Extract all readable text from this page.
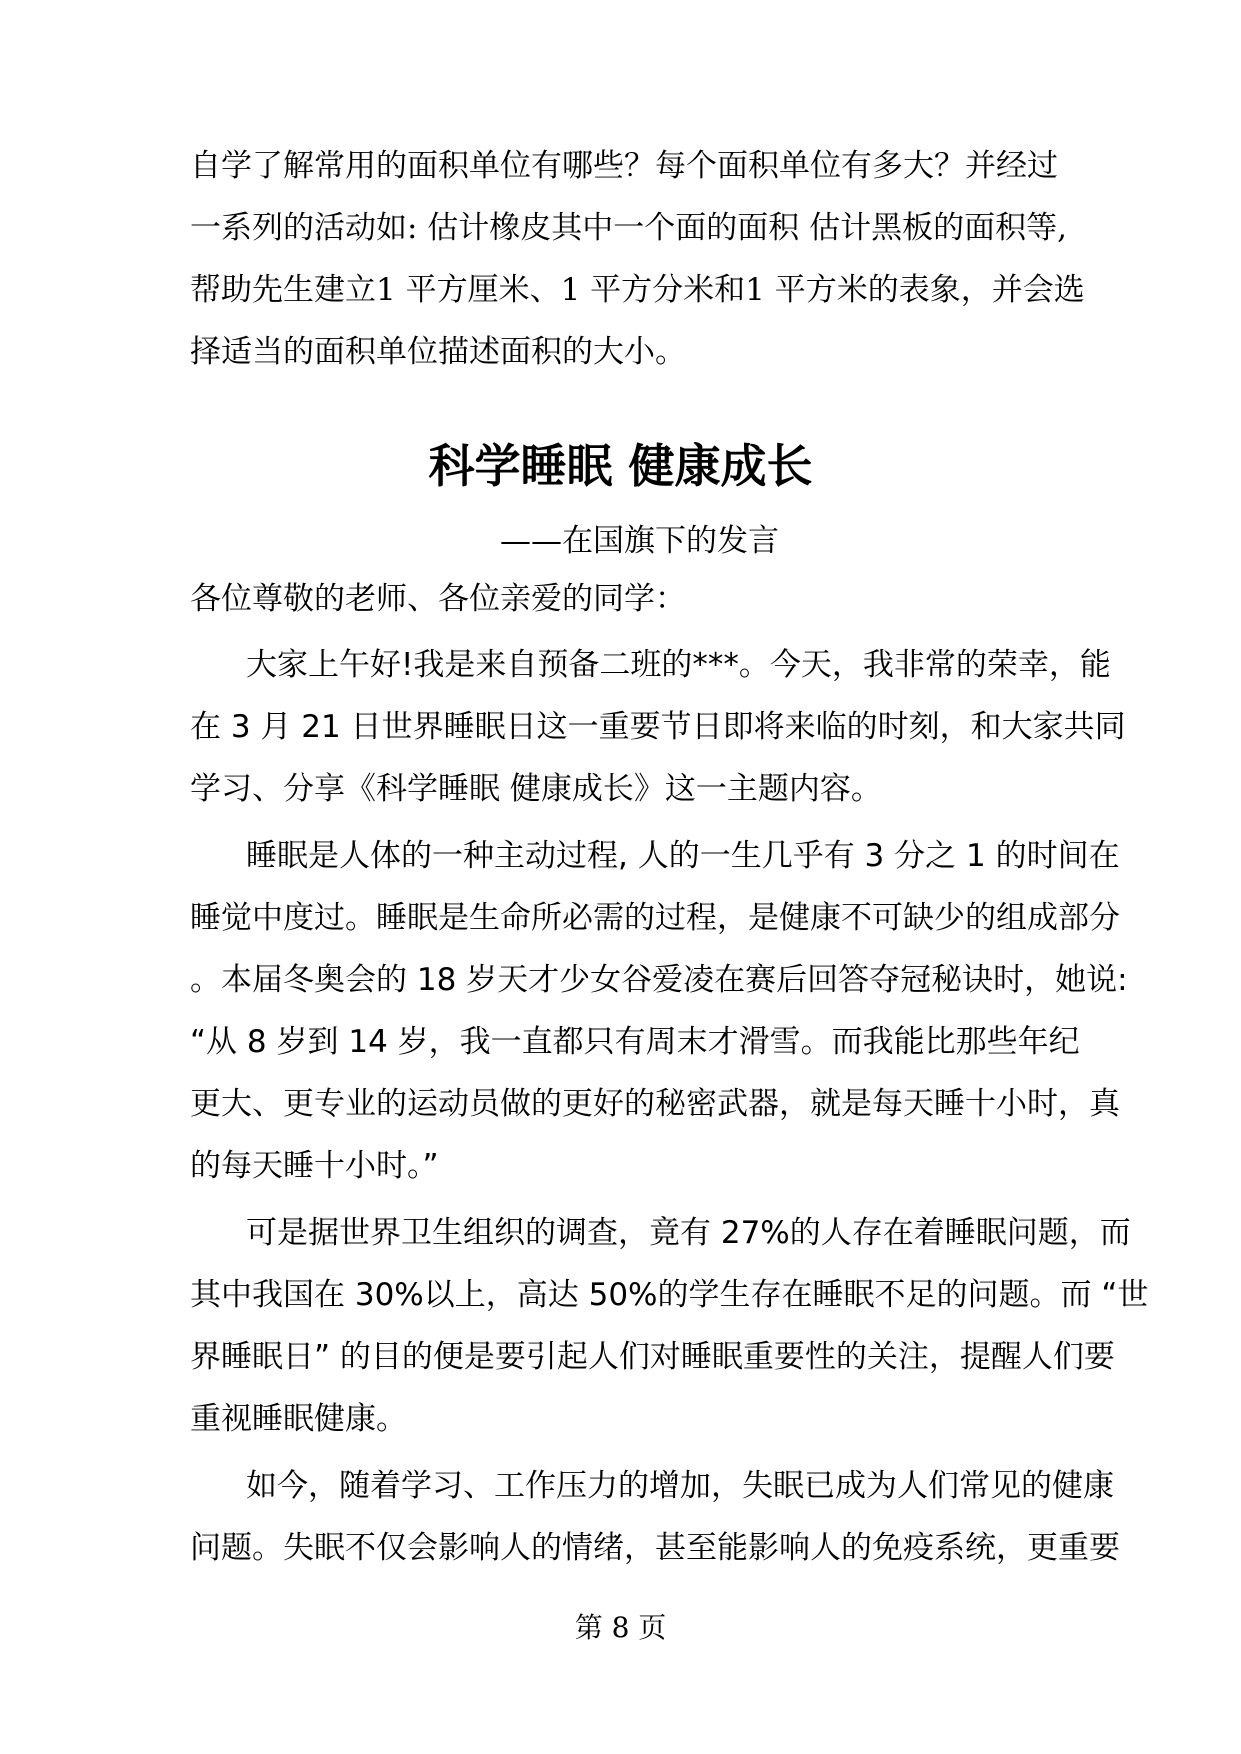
自学了解常用的面积单位有哪些？每个面积单位有多大？并经过
一系列的活动如: 估计橡皮其中一个面的面积 估计黑板的面积等,
帮助先生建立1 平方厘米、1 平方分米和1 平方米的表象，并会选
择适当的面积单位描述面积的大小。
科学睡眠 健康成长
——在国旗下的发言
各位尊敬的老师、各位亲爱的同学：
大家上午好!我是来自预备二班的***。今天，我非常的荣幸，能
在 3 月 21 日世界睡眠日这一重要节日即将来临的时刻，和大家共同
学习、分享《科学睡眠 健康成长》这一主题内容。
睡眠是人体的一种主动过程, 人的一生几乎有 3 分之 1 的时间在
睡觉中度过。睡眠是生命所必需的过程，是健康不可缺少的组成部分
。本届冬奥会的 18 岁天才少女谷爱凌在赛后回答夺冠秘诀时，她说:
“从 8 岁到 14 岁，我一直都只有周末才滑雪。而我能比那些年纪
更大、更专业的运动员做的更好的秘密武器，就是每天睡十小时，真
的每天睡十小时。”
可是据世界卫生组织的调查，竟有 27%的人存在着睡眠问题，而
其中我国在 30%以上，高达 50%的学生存在睡眠不足的问题。而 “世
界睡眠日” 的目的便是要引起人们对睡眠重要性的关注，提醒人们要
重视睡眠健康。
如今，随着学习、工作压力的增加，失眠已成为人们常见的健康
问题。失眠不仅会影响人的情绪，甚至能影响人的免疫系统，更重要
第 8 页
